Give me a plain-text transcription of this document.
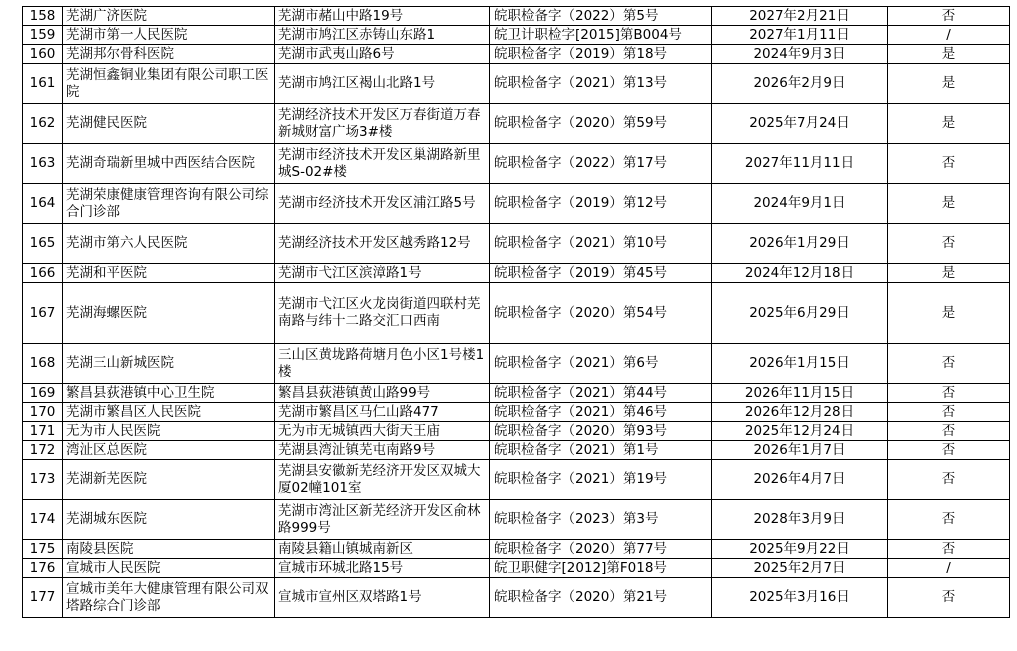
158	芜湖广济医院	芜湖市赭山中路19号	皖职检备字（2022）第5号	2027年2月21日	否
159	芜湖市第一人民医院	芜湖市鸠江区赤铸山东路1	皖卫计职检字[2015]第B004号	2027年1月11日	/
160	芜湖邦尔骨科医院	芜湖市武夷山路6号	皖职检备字（2019）第18号	2024年9月3日	是
161	芜湖恒鑫铜业集团有限公司职工医院	芜湖市鸠江区褐山北路1号	皖职检备字（2021）第13号	2026年2月9日	是
162	芜湖健民医院	芜湖经济技术开发区万春街道万春新城财富广场3#楼	皖职检备字（2020）第59号	2025年7月24日	是
163	芜湖奇瑞新里城中西医结合医院	芜湖市经济技术开发区巢湖路新里城S-02#楼	皖职检备字（2022）第17号	2027年11月11日	否
164	芜湖荣康健康管理咨询有限公司综合门诊部	芜湖市经济技术开发区浦江路5号	皖职检备字（2019）第12号	2024年9月1日	是
165	芜湖市第六人民医院	芜湖经济技术开发区越秀路12号	皖职检备字（2021）第10号	2026年1月29日	否
166	芜湖和平医院	芜湖市弋江区滨漳路1号	皖职检备字（2019）第45号	2024年12月18日	是
167	芜湖海螺医院	芜湖市弋江区火龙岗街道四联村芜南路与纬十二路交汇口西南	皖职检备字（2020）第54号	2025年6月29日	是
168	芜湖三山新城医院	三山区黄垅路荷塘月色小区1号楼1楼	皖职检备字（2021）第6号	2026年1月15日	否
169	繁昌县荻港镇中心卫生院	繁昌县荻港镇黄山路99号	皖职检备字（2021）第44号	2026年11月15日	否
170	芜湖市繁昌区人民医院	芜湖市繁昌区马仁山路477	皖职检备字（2021）第46号	2026年12月28日	否
171	无为市人民医院	无为市无城镇西大街天王庙	皖职检备字（2020）第93号	2025年12月24日	否
172	湾沚区总医院	芜湖县湾沚镇芜屯南路9号	皖职检备字（2021）第1号	2026年1月7日	否
173	芜湖新芜医院	芜湖县安徽新芜经济开发区双城大厦02幢101室	皖职检备字（2021）第19号	2026年4月7日	否
174	芜湖城东医院	芜湖市湾沚区新芜经济开发区俞林路999号	皖职检备字（2023）第3号	2028年3月9日	否
175	南陵县医院	南陵县籍山镇城南新区	皖职检备字（2020）第77号	2025年9月22日	否
176	宣城市人民医院	宣城市环城北路15号	皖卫职健字[2012]第F018号	2025年2月7日	/
177	宣城市美年大健康管理有限公司双塔路综合门诊部	宣城市宣州区双塔路1号	皖职检备字（2020）第21号	2025年3月16日	否
